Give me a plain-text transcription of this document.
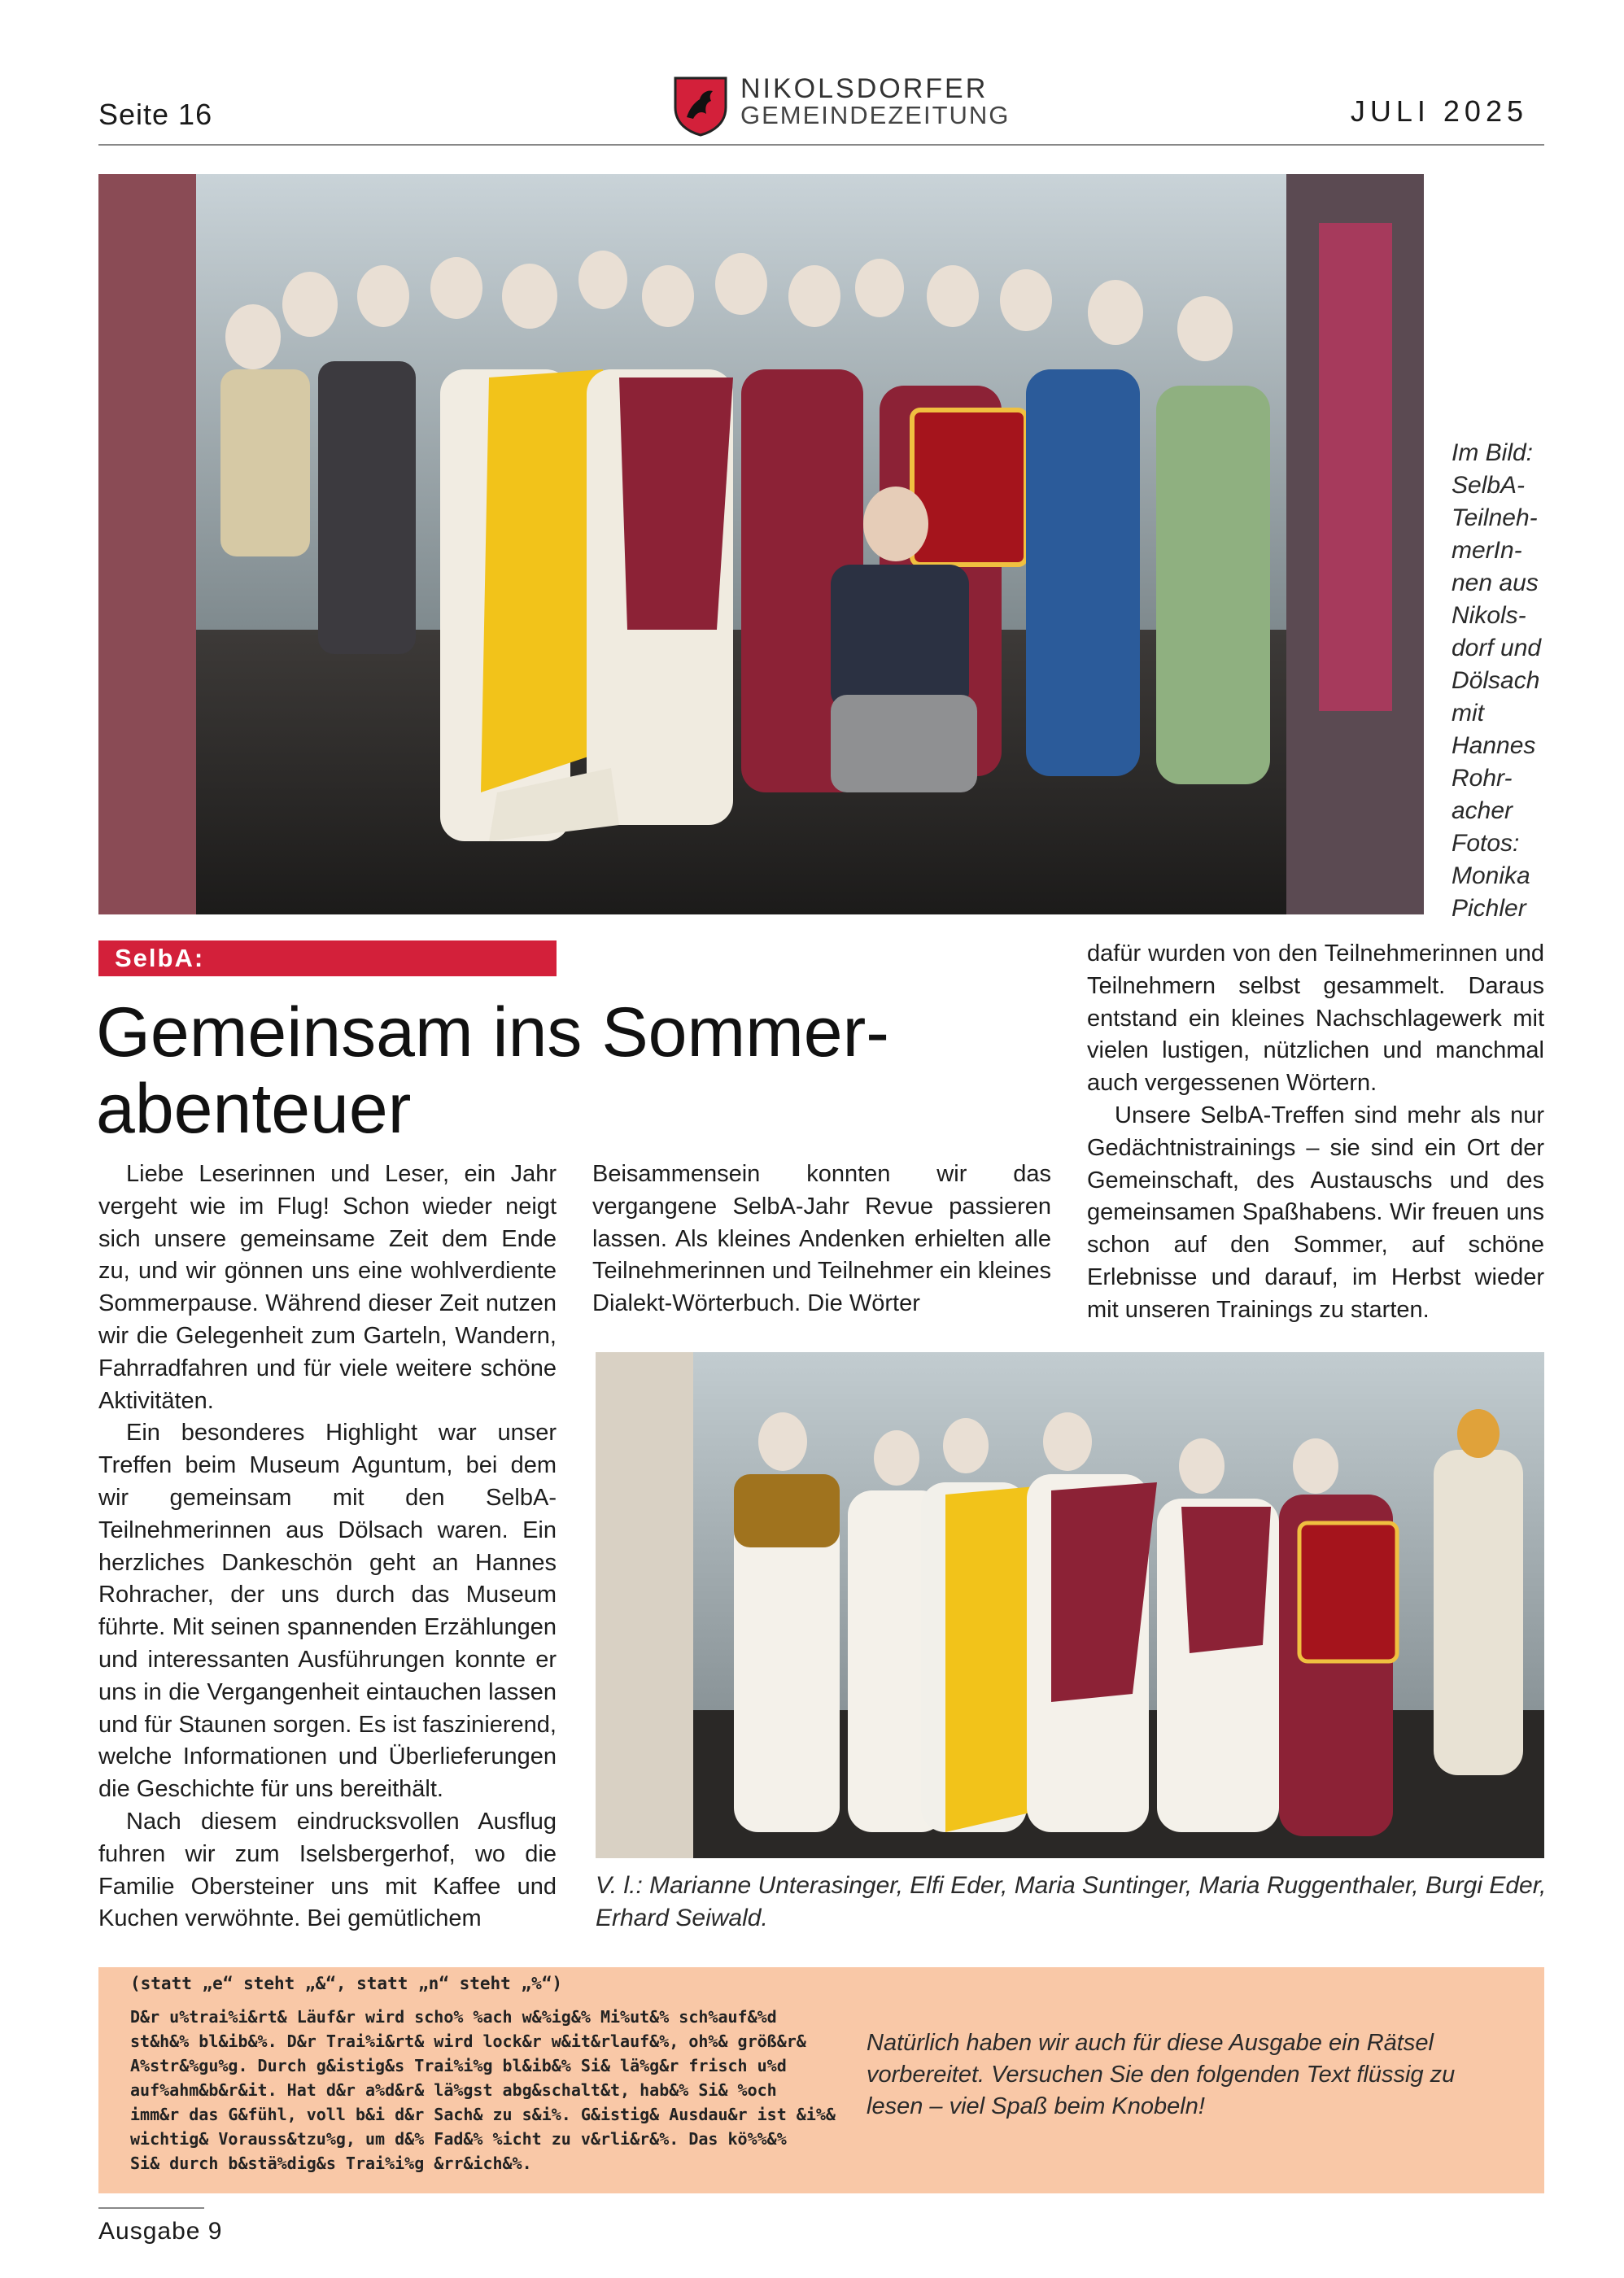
Seite 16
NIKOLSDORFER
GEMEINDEZEITUNG	JULI 2025
Im Bild:
SelbA-
Teilneh-
merIn-
nen aus
Nikols-
dorf und
Dölsach
mit
Hannes
Rohr-
acher
Fotos:
Monika
Pichler
SelbA:
Gemeinsam ins Sommer-
abenteuer

Liebe Leserinnen und Leser, ein Jahr vergeht wie im Flug! Schon wieder neigt sich unsere gemeinsame Zeit dem Ende zu, und wir gönnen uns eine wohlverdiente Sommerpause. Während dieser Zeit nutzen wir die Gelegenheit zum Garteln, Wandern, Fahrradfahren und für viele weitere schöne Aktivitäten.

Ein besonderes Highlight war unser Treffen beim Museum Aguntum, bei dem wir gemeinsam mit den SelbA-Teilnehmerinnen aus Dölsach waren. Ein herzliches Dankeschön geht an Hannes Rohracher, der uns durch das Museum führte. Mit seinen spannenden Erzählungen und interessanten Ausführungen konnte er uns in die Vergangenheit eintauchen lassen und für Staunen sorgen. Es ist faszinierend, welche Informationen und Überlieferungen die Geschichte für uns bereithält.

Nach diesem eindrucksvollen Ausflug fuhren wir zum Iselsbergerhof, wo die Familie Obersteiner uns mit Kaffee und Kuchen verwöhnte. Bei gemütlichem

Beisammensein konnten wir das vergangene SelbA-Jahr Revue passieren lassen. Als kleines Andenken erhielten alle Teilnehmerinnen und Teilnehmer ein kleines Dialekt-Wörterbuch. Die Wörter

dafür wurden von den Teilnehmerinnen und Teilnehmern selbst gesammelt. Daraus entstand ein kleines Nachschlagewerk mit vielen lustigen, nützlichen und manchmal auch vergessenen Wörtern.

Unsere SelbA-Treffen sind mehr als nur Gedächtnistrainings – sie sind ein Ort der Gemeinschaft, des Austauschs und des gemeinsamen Spaßhabens. Wir freuen uns schon auf den Sommer, auf schöne Erlebnisse und darauf, im Herbst wieder mit unseren Trainings zu starten.

V. l.: Marianne Unterasinger, Elfi Eder, Maria Suntinger, Maria Ruggenthaler, Burgi Eder, Erhard Seiwald.
(statt „e“ steht „&“, statt „n“ steht „%“)
D&r u%trai%i&rt& Läuf&r wird scho% %ach w&%ig&% Mi%ut&% sch%auf&%d
st&h&% bl&ib&%. D&r Trai%i&rt& wird lock&r w&it&rlauf&%, oh%& größ&r&
A%str&%gu%g. Durch g&istig&s Trai%i%g bl&ib&% Si& lä%g&r frisch u%d
auf%ahm&b&r&it. Hat d&r a%d&r& lä%gst abg&schalt&t, hab&% Si& %och
imm&r das G&fühl, voll b&i d&r Sach& zu s&i%. G&istig& Ausdau&r ist &i%&
wichtig& Vorauss&tzu%g, um d&% Fad&% %icht zu v&rli&r&%. Das kö%%&%
Si& durch b&stä%dig&s Trai%i%g &rr&ich&%.
Natürlich haben wir auch für diese Ausgabe ein Rätsel vorbereitet. Versuchen Sie den folgenden Text flüssig zu lesen – viel Spaß beim Knobeln!
Ausgabe 9
